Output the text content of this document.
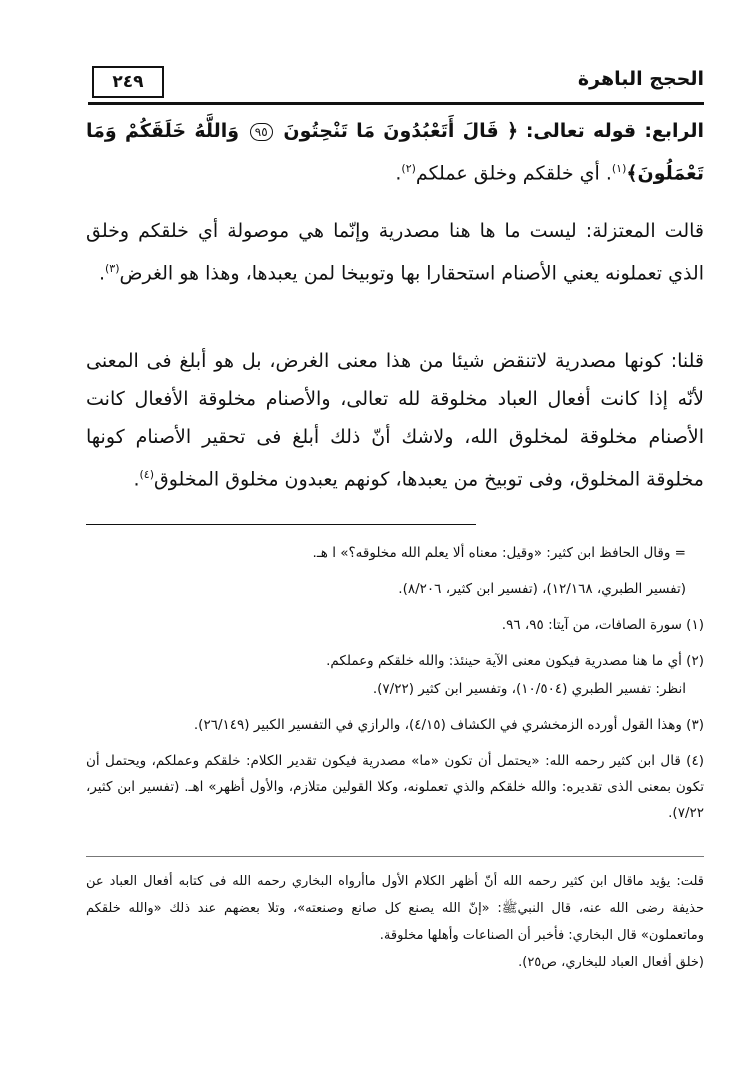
٢٤٩	الحجج الباهرة

الرابع: قوله تعالى: ﴿ قَالَ أَتَعْبُدُونَ مَا تَنْحِتُونَ ٩٥ وَاللَّهُ خَلَقَكُمْ وَمَا تَعْمَلُونَ﴾$^{(١)}$. أي خلقكم وخلق عملكم$^{(٢)}$.

قالت المعتزلة: ليست ما ها هنا مصدرية وإنّما هي موصولة أي خلقكم وخلق الذي تعملونه يعني الأصنام استحقارا بها وتوبيخا لمن يعبدها، وهذا هو الغرض$^{(٣)}$.

قلنا: كونها مصدرية لاتنقض شيئا من هذا معنى الغرض، بل هو أبلغ فى المعنى لأنّه إذا كانت أفعال العباد مخلوقة لله تعالى، والأصنام مخلوقة الأفعال كانت الأصنام مخلوقة لمخلوق الله، ولاشك أنّ ذلك أبلغ فى تحقير الأصنام كونها مخلوقة المخلوق، وفى توبيخ من يعبدها، كونهم يعبدون مخلوق المخلوق$^{(٤)}$.

= وقال الحافظ ابن كثير: «وقيل: معناه ألا يعلم الله مخلوقه؟» ا هـ.

(تفسير الطبري، ١٢/١٦٨)، (تفسير ابن كثير، ٨/٢٠٦).

(١) سورة الصافات، من آيتا: ٩٥، ٩٦.

(٢) أي ما هنا مصدرية فيكون معنى الآية حينئذ: والله خلقكم وعملكم.

انظر: تفسير الطبري (١٠/٥٠٤)، وتفسير ابن كثير (٧/٢٢).

(٣) وهذا القول أورده الزمخشري في الكشاف (٤/١٥)، والرازي في التفسير الكبير (٢٦/١٤٩).

(٤) قال ابن كثير رحمه الله: «يحتمل أن تكون «ما» مصدرية فيكون تقدير الكلام: خلقكم وعملكم، ويحتمل أن تكون بمعنى الذى تقديره: والله خلقكم والذي تعملونه، وكلا القولين متلازم، والأول أظهر» اهـ. (تفسير ابن كثير، ٧/٢٢).

قلت: يؤيد ماقال ابن كثير رحمه الله أنّ أظهر الكلام الأول ماأرواه البخاري رحمه الله فى كتابه أفعال العباد عن حذيفة رضى الله عنه، قال النبيﷺ: «إنّ الله يصنع كل صانع وصنعته»، وتلا بعضهم عند ذلك «والله خلقكم وماتعملون» قال البخاري: فأخبر أن الصناعات وأهلها مخلوقة.

(خلق أفعال العباد للبخاري، ص٢٥).
